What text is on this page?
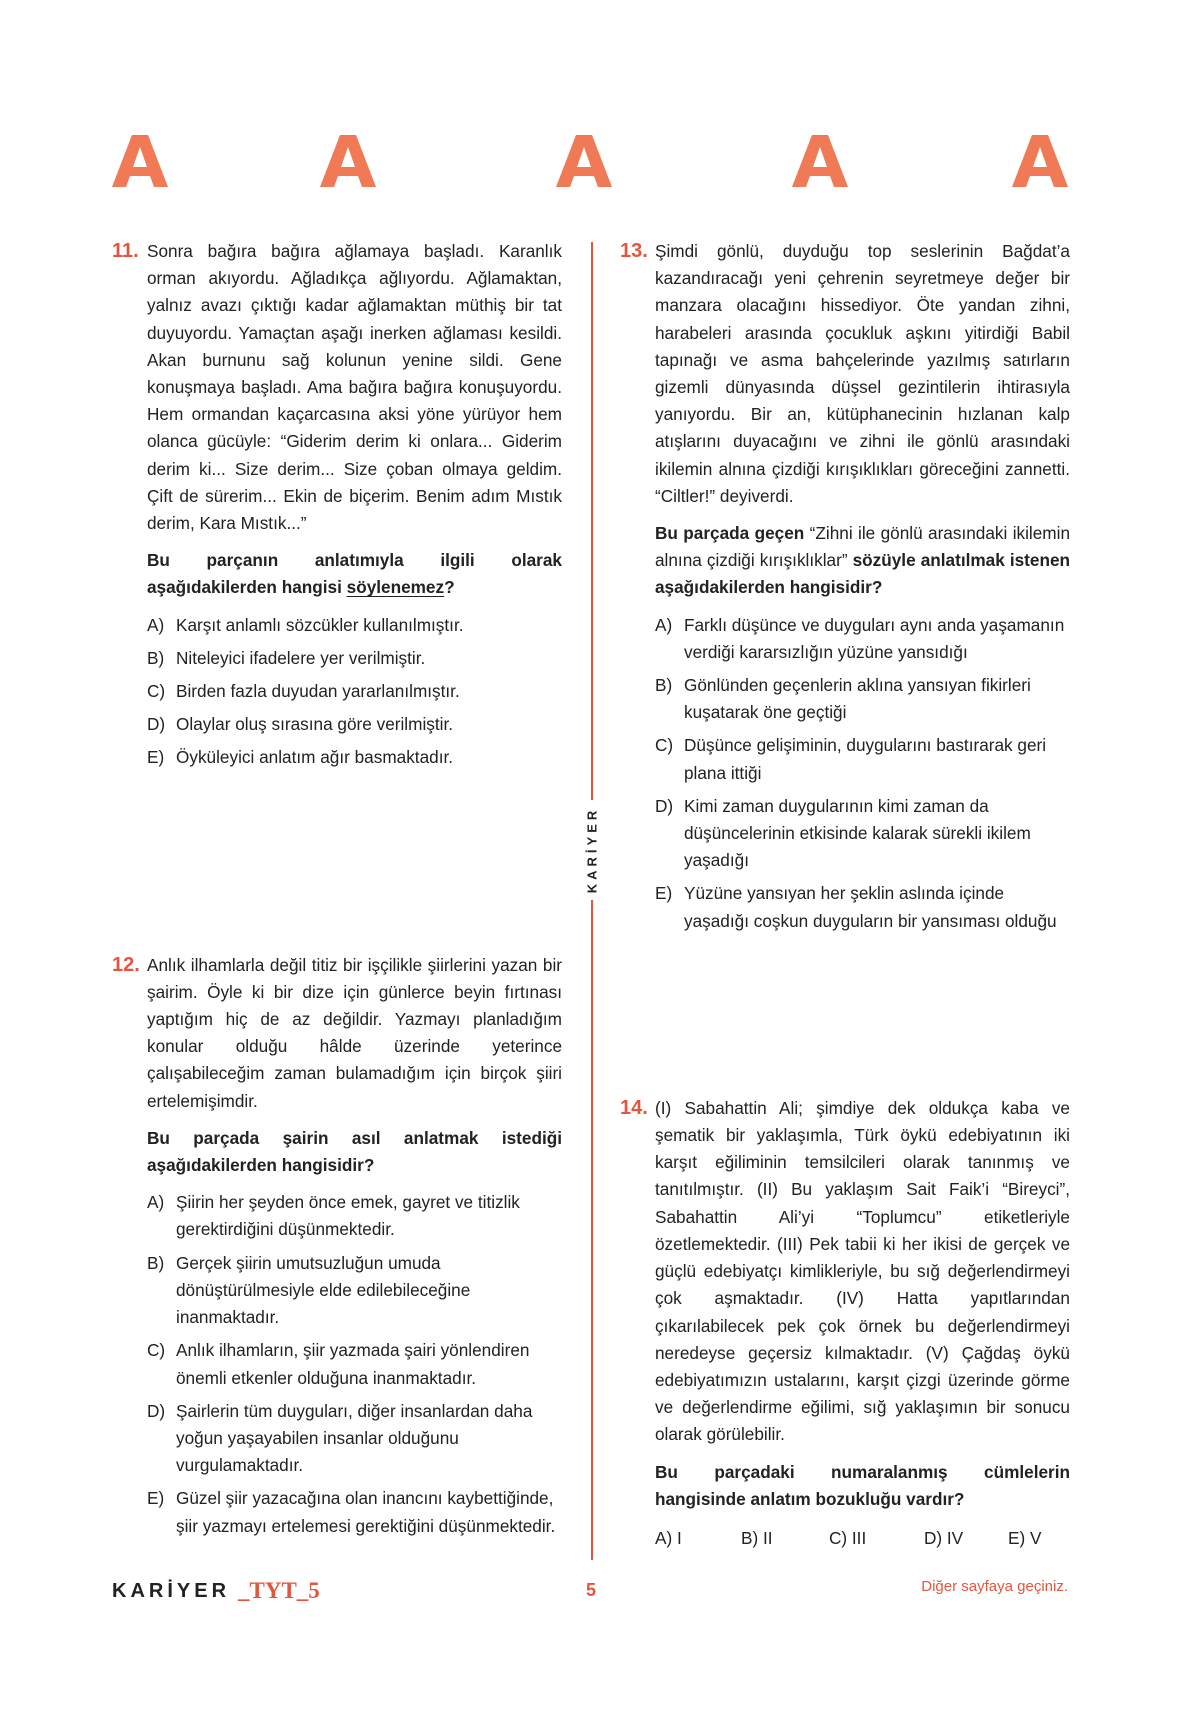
11. Sonra bağıra bağıra ağlamaya başladı. Karanlık orman akıyordu. Ağladıkça ağlıyordu. Ağlamaktan, yalnız avazı çıktığı kadar ağlamaktan müthiş bir tat duyuyordu. Yamaçtan aşağı inerken ağlaması kesildi. Akan burnunu sağ kolunun yenine sildi. Gene konuşmaya başladı. Ama bağıra bağıra konuşuyordu. Hem ormandan kaçarcasına aksi yöne yürüyor hem olanca gücüyle: “Giderim derim ki onlara... Giderim derim ki... Size derim... Size çoban olmaya geldim. Çift de sürerim... Ekin de biçerim. Benim adım Mıstık derim, Kara Mıstık...”
Bu parçanın anlatımıyla ilgili olarak aşağıdakilerden hangisi söylenemez?
A) Karşıt anlamlı sözcükler kullanılmıştır.
B) Niteleyici ifadelere yer verilmiştir.
C) Birden fazla duyudan yararlanılmıştır.
D) Olaylar oluş sırasına göre verilmiştir.
E) Öyküleyici anlatım ağır basmaktadır.
12. Anlık ilhamlarla değil titiz bir işçilikle şiirlerini yazan bir şairim. Öyle ki bir dize için günlerce beyin fırtınası yaptığım hiç de az değildir. Yazmayı planladığım konular olduğu hâlde üzerinde yeterince çalışabileceğim zaman bulamadığım için birçok şiiri ertelemişimdir.
Bu parçada şairin asıl anlatmak istediği aşağıdakilerden hangisidir?
A) Şiirin her şeyden önce emek, gayret ve titizlik gerektirdiğini düşünmektedir.
B) Gerçek şiirin umutsuzluğun umuda dönüştürülmesiyle elde edilebileceğine inanmaktadır.
C) Anlık ilhamların, şiir yazmada şairi yönlendiren önemli etkenler olduğuna inanmaktadır.
D) Şairlerin tüm duyguları, diğer insanlardan daha yoğun yaşayabilen insanlar olduğunu vurgulamaktadır.
E) Güzel şiir yazacağına olan inancını kaybettiğinde, şiir yazmayı ertelemesi gerektiğini düşünmektedir.
KARİYER
13. Şimdi gönlü, duyduğu top seslerinin Bağdat’a kazandıracağı yeni çehrenin seyretmeye değer bir manzara olacağını hissediyor. Öte yandan zihni, harabeleri arasında çocukluk aşkını yitirdiği Babil tapınağı ve asma bahçelerinde yazılmış satırların gizemli dünyasında düşsel gezintilerin ihtirasıyla yanıyordu. Bir an, kütüphanecinin hızlanan kalp atışlarını duyacağını ve zihni ile gönlü arasındaki ikilemin alnına çizdiği kırışıklıkları göreceğini zannetti. “Ciltler!” deyiverdi.
Bu parçada geçen “Zihni ile gönlü arasındaki ikilemin alnına çizdiği kırışıklıklar” sözüyle anlatılmak istenen aşağıdakilerden hangisidir?
A) Farklı düşünce ve duyguları aynı anda yaşamanın verdiği kararsızlığın yüzüne yansıdığı
B) Gönlünden geçenlerin aklına yansıyan fikirleri kuşatarak öne geçtiği
C) Düşünce gelişiminin, duygularını bastırarak geri plana ittiği
D) Kimi zaman duygularının kimi zaman da düşüncelerinin etkisinde kalarak sürekli ikilem yaşadığı
E) Yüzüne yansıyan her şeklin aslında içinde yaşadığı coşkun duyguların bir yansıması olduğu
14. (I) Sabahattin Ali; şimdiye dek oldukça kaba ve şematik bir yaklaşımla, Türk öykü edebiyatının iki karşıt eğiliminin temsilcileri olarak tanınmış ve tanıtılmıştır. (II) Bu yaklaşım Sait Faik’i “Bireyci”, Sabahattin Ali’yi “Toplumcu” etiketleriyle özetlemektedir. (III) Pek tabii ki her ikisi de gerçek ve güçlü edebiyatçı kimlikleriyle, bu sığ değerlendirmeyi çok aşmaktadır. (IV) Hatta yapıtlarından çıkarılabilecek pek çok örnek bu değerlendirmeyi neredeyse geçersiz kılmaktadır. (V) Çağdaş öykü edebiyatımızın ustalarını, karşıt çizgi üzerinde görme ve değerlendirme eğilimi, sığ yaklaşımın bir sonucu olarak görülebilir.
Bu parçadaki numaralanmış cümlelerin hangisinde anlatım bozukluğu vardır?
A) I	B) II	C) III	D) IV	E) V
KARİYER _TYT_5	5	Diğer sayfaya geçiniz.
